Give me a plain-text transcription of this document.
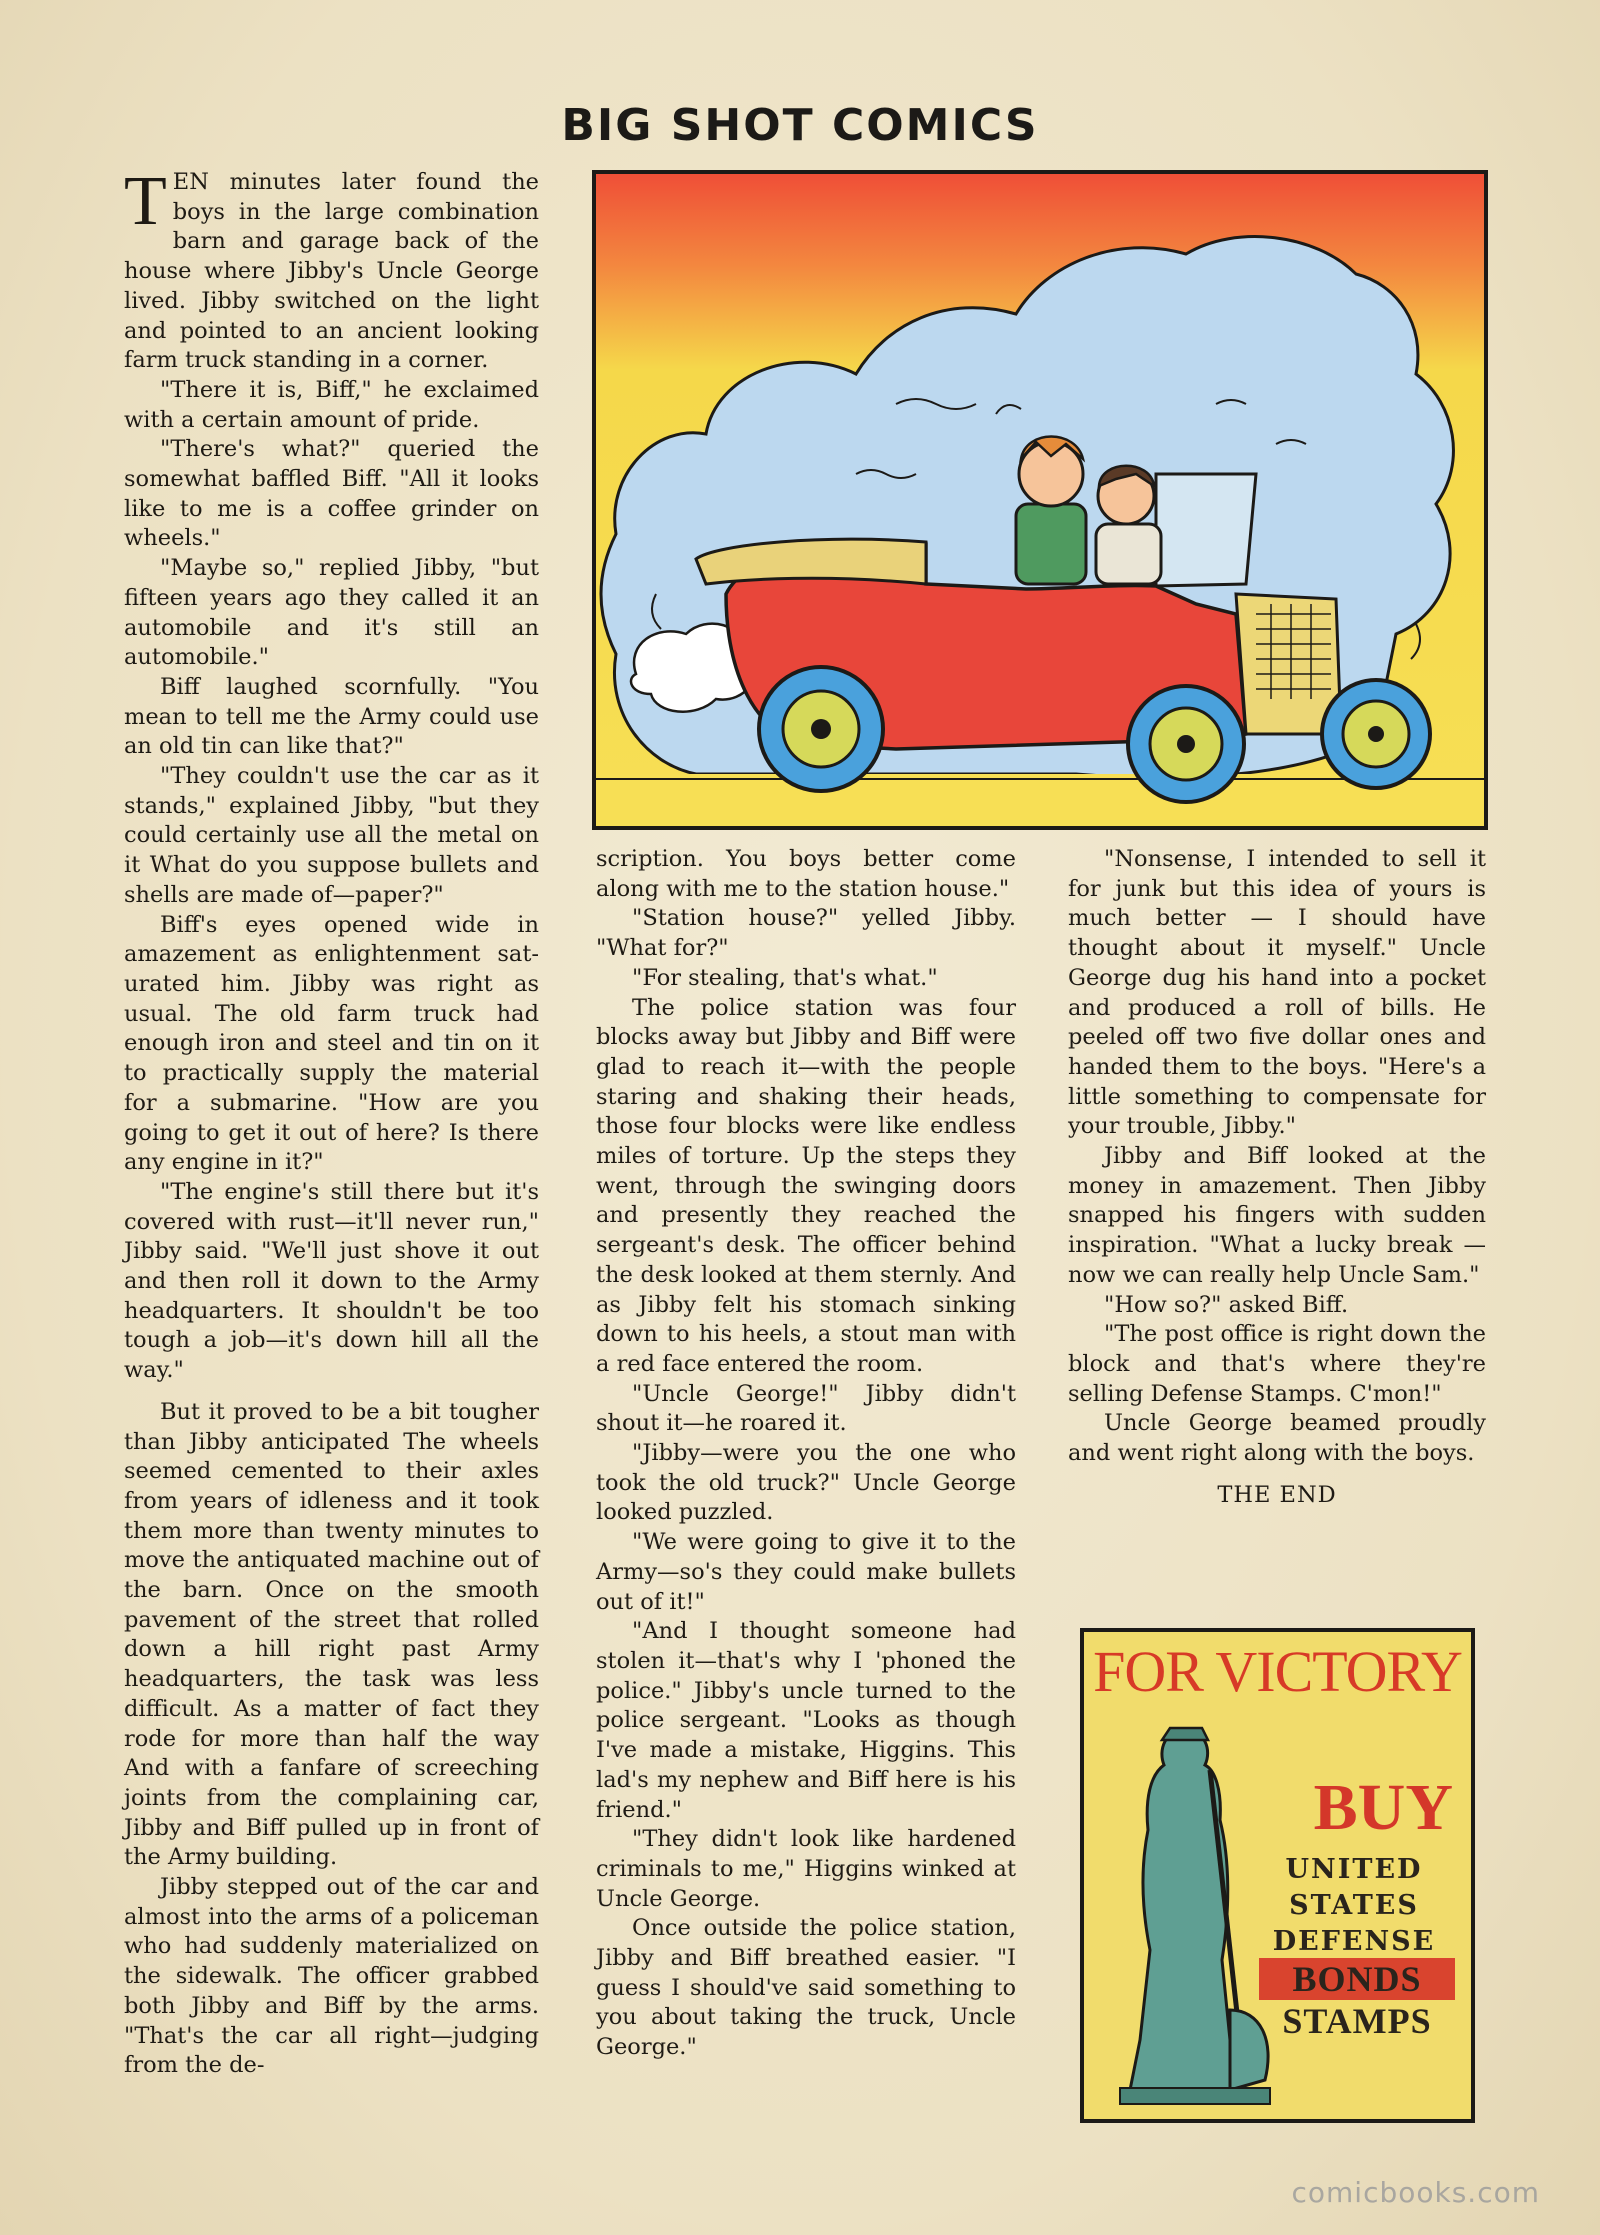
BIG SHOT COMICS

TEN minutes later found the boys in the large combination barn and garage back of the house where Jibby's Uncle George lived. Jibby switched on the light and pointed to an ancient looking farm truck standing in a corner.

"There it is, Biff," he exclaimed with a certain amount of pride.

"There's what?" queried the somewhat baffled Biff. "All it looks like to me is a coffee grinder on wheels."

"Maybe so," replied Jibby, "but fifteen years ago they called it an automobile and it's still an automobile."

Biff laughed scornfully. "You mean to tell me the Army could use an old tin can like that?"

"They couldn't use the car as it stands," explained Jibby, "but they could certainly use all the metal on it What do you suppose bullets and shells are made of—paper?"

Biff's eyes opened wide in amazement as enlightenment saturated him. Jibby was right as usual. The old farm truck had enough iron and steel and tin on it to practically supply the material for a submarine. "How are you going to get it out of here? Is there any engine in it?"

"The engine's still there but it's covered with rust—it'll never run," Jibby said. "We'll just shove it out and then roll it down to the Army headquarters. It shouldn't be too tough a job—it's down hill all the way."

But it proved to be a bit tougher than Jibby anticipated The wheels seemed cemented to their axles from years of idleness and it took them more than twenty minutes to move the antiquated machine out of the barn. Once on the smooth pavement of the street that rolled down a hill right past Army headquarters, the task was less difficult. As a matter of fact they rode for more than half the way And with a fanfare of screeching joints from the complaining car, Jibby and Biff pulled up in front of the Army building.

Jibby stepped out of the car and almost into the arms of a policeman who had suddenly materialized on the sidewalk. The officer grabbed both Jibby and Biff by the arms. "That's the car all right—judging from the de-

scription. You boys better come along with me to the station house."

"Station house?" yelled Jibby. "What for?"

"For stealing, that's what."

The police station was four blocks away but Jibby and Biff were glad to reach it—with the people staring and shaking their heads, those four blocks were like endless miles of torture. Up the steps they went, through the swinging doors and presently they reached the sergeant's desk. The officer behind the desk looked at them sternly. And as Jibby felt his stomach sinking down to his heels, a stout man with a red face entered the room.

"Uncle George!" Jibby didn't shout it—he roared it.

"Jibby—were you the one who took the old truck?" Uncle George looked puzzled.

"We were going to give it to the Army—so's they could make bullets out of it!"

"And I thought someone had stolen it—that's why I 'phoned the police." Jibby's uncle turned to the police sergeant. "Looks as though I've made a mistake, Higgins. This lad's my nephew and Biff here is his friend."

"They didn't look like hardened criminals to me," Higgins winked at Uncle George.

Once outside the police station, Jibby and Biff breathed easier. "I guess I should've said something to you about taking the truck, Uncle George."

"Nonsense, I intended to sell it for junk but this idea of yours is much better — I should have thought about it myself." Uncle George dug his hand into a pocket and produced a roll of bills. He peeled off two five dollar ones and handed them to the boys. "Here's a little something to compensate for your trouble, Jibby."

Jibby and Biff looked at the money in amazement. Then Jibby snapped his fingers with sudden inspiration. "What a lucky break —now we can really help Uncle Sam."

"How so?" asked Biff.

"The post office is right down the block and that's where they're selling Defense Stamps. C'mon!"

Uncle George beamed proudly and went right along with the boys.

THE END

FOR VICTORY
BUY
UNITED
STATES
DEFENSE
BONDS
STAMPS
comicbooks.com
